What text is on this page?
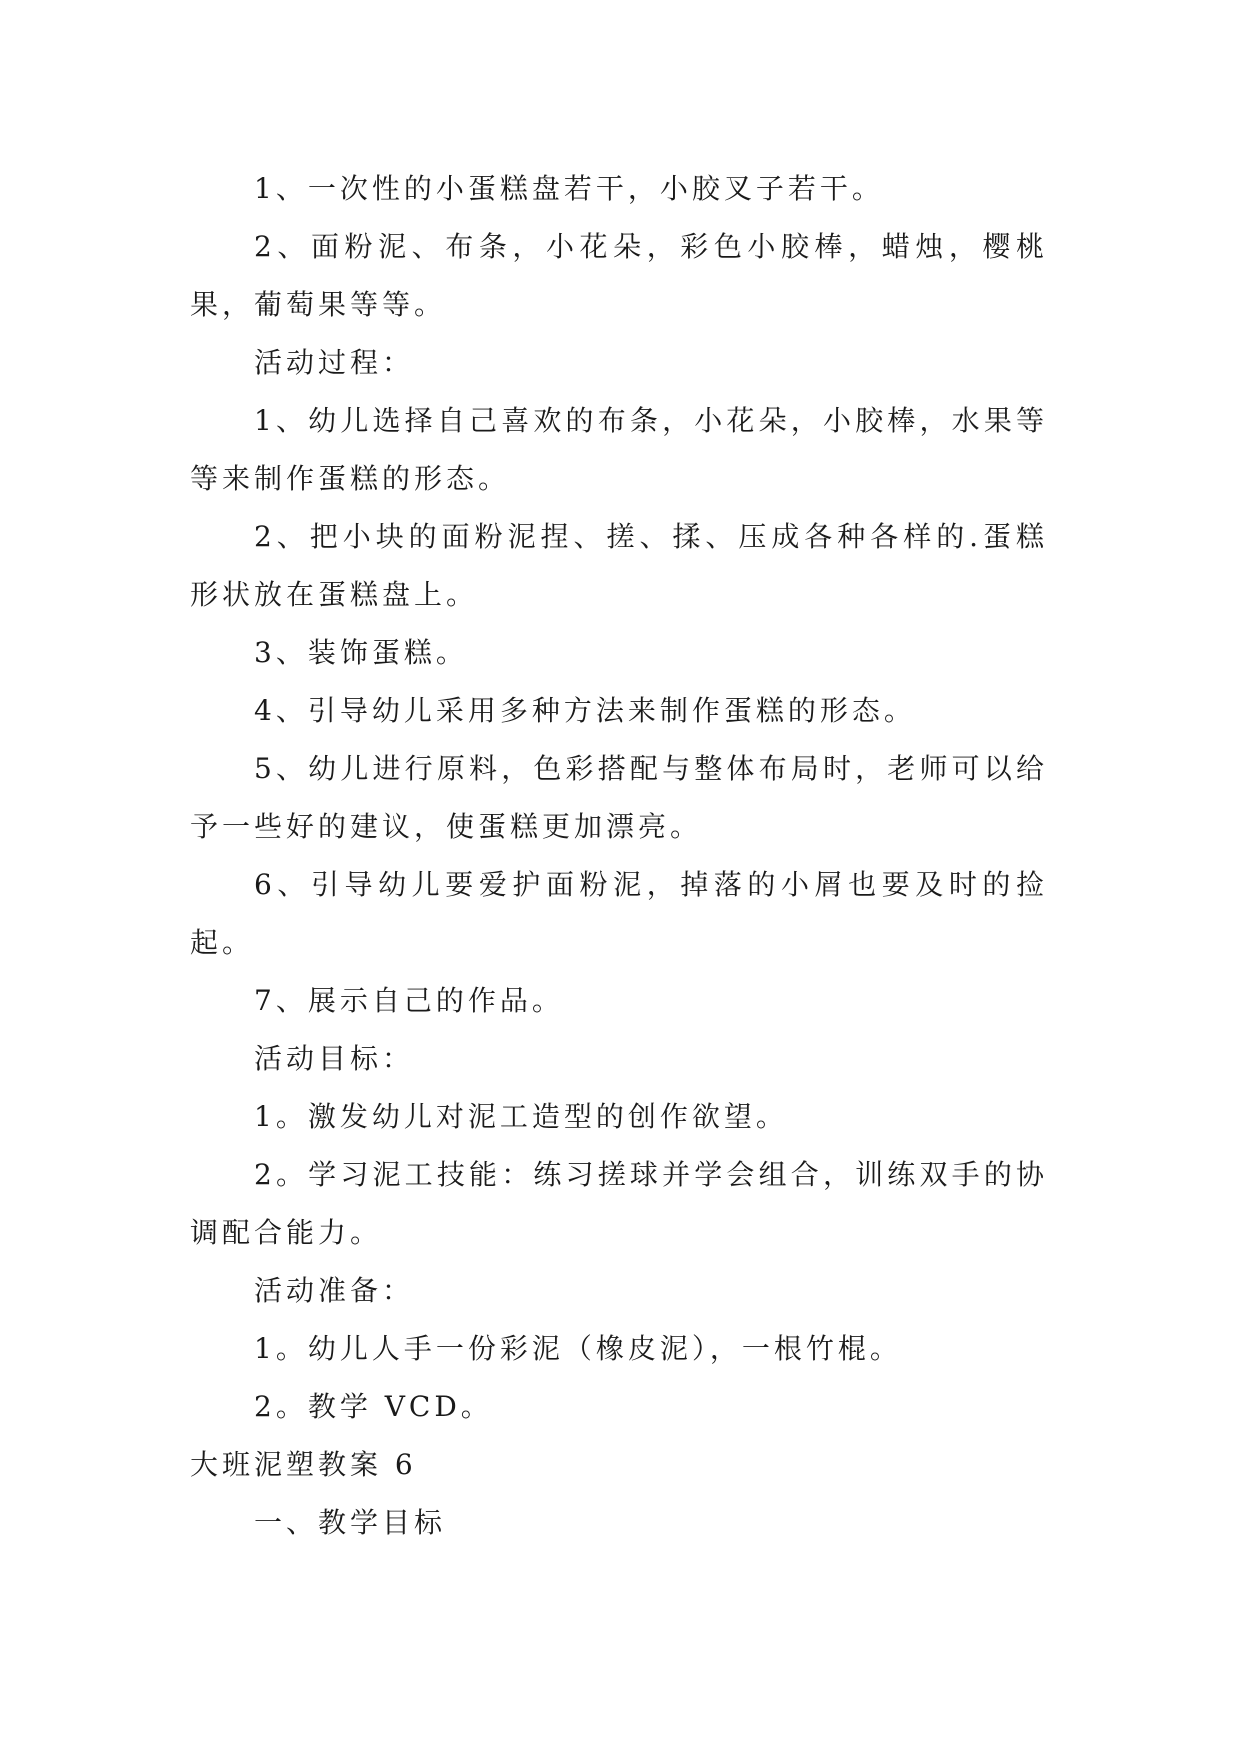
1、一次性的小蛋糕盘若干，小胶叉子若干。

2、面粉泥、布条，小花朵，彩色小胶棒，蜡烛，樱桃果，葡萄果等等。

活动过程：

1、幼儿选择自己喜欢的布条，小花朵，小胶棒，水果等等来制作蛋糕的形态。

2、把小块的面粉泥捏、搓、揉、压成各种各样的.蛋糕形状放在蛋糕盘上。

3、装饰蛋糕。

4、引导幼儿采用多种方法来制作蛋糕的形态。

5、幼儿进行原料，色彩搭配与整体布局时，老师可以给予一些好的建议，使蛋糕更加漂亮。

6、引导幼儿要爱护面粉泥，掉落的小屑也要及时的捡起。

7、展示自己的作品。

活动目标：

1。激发幼儿对泥工造型的创作欲望。

2。学习泥工技能：练习搓球并学会组合，训练双手的协调配合能力。

活动准备：

1。幼儿人手一份彩泥（橡皮泥），一根竹棍。

2。教学 VCD。

大班泥塑教案 6

一、教学目标
